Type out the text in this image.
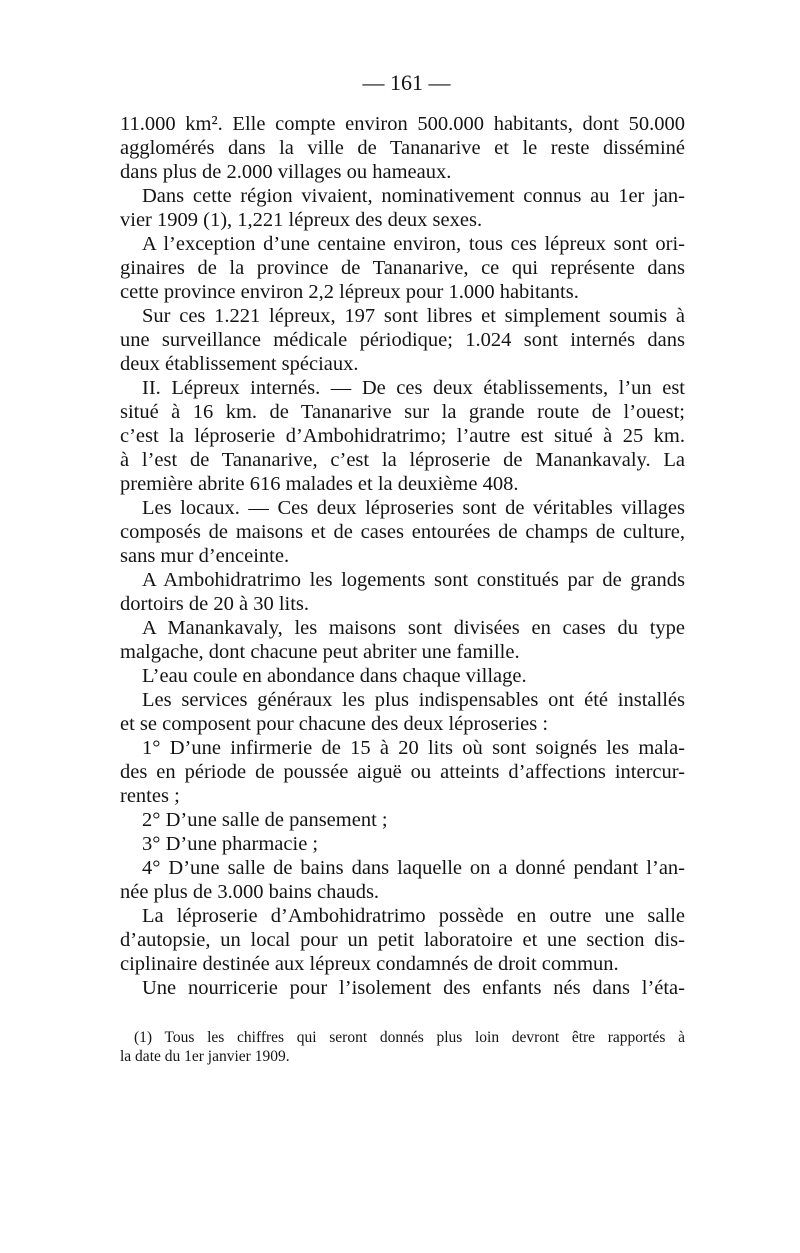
— 161 —
11.000 km². Elle compte environ 500.000 habitants, dont 50.000
agglomérés dans la ville de Tananarive et le reste disséminé
dans plus de 2.000 villages ou hameaux.
Dans cette région vivaient, nominativement connus au 1er jan-
vier 1909 (1), 1,221 lépreux des deux sexes.
A l’exception d’une centaine environ, tous ces lépreux sont ori-
ginaires de la province de Tananarive, ce qui représente dans
cette province environ 2,2 lépreux pour 1.000 habitants.
Sur ces 1.221 lépreux, 197 sont libres et simplement soumis à
une surveillance médicale périodique; 1.024 sont internés dans
deux établissement spéciaux.
II. Lépreux internés. — De ces deux établissements, l’un est
situé à 16 km. de Tananarive sur la grande route de l’ouest;
c’est la léproserie d’Ambohidratrimo; l’autre est situé à 25 km.
à l’est de Tananarive, c’est la léproserie de Manankavaly. La
première abrite 616 malades et la deuxième 408.
Les locaux. — Ces deux léproseries sont de véritables villages
composés de maisons et de cases entourées de champs de culture,
sans mur d’enceinte.
A Ambohidratrimo les logements sont constitués par de grands
dortoirs de 20 à 30 lits.
A Manankavaly, les maisons sont divisées en cases du type
malgache, dont chacune peut abriter une famille.
L’eau coule en abondance dans chaque village.
Les services généraux les plus indispensables ont été installés
et se composent pour chacune des deux léproseries :
1° D’une infirmerie de 15 à 20 lits où sont soignés les mala-
des en période de poussée aiguë ou atteints d’affections intercur-
rentes ;
2° D’une salle de pansement ;
3° D’une pharmacie ;
4° D’une salle de bains dans laquelle on a donné pendant l’an-
née plus de 3.000 bains chauds.
La léproserie d’Ambohidratrimo possède en outre une salle
d’autopsie, un local pour un petit laboratoire et une section dis-
ciplinaire destinée aux lépreux condamnés de droit commun.
Une nourricerie pour l’isolement des enfants nés dans l’éta-
(1) Tous les chiffres qui seront donnés plus loin devront être rapportés à
la date du 1er janvier 1909.
